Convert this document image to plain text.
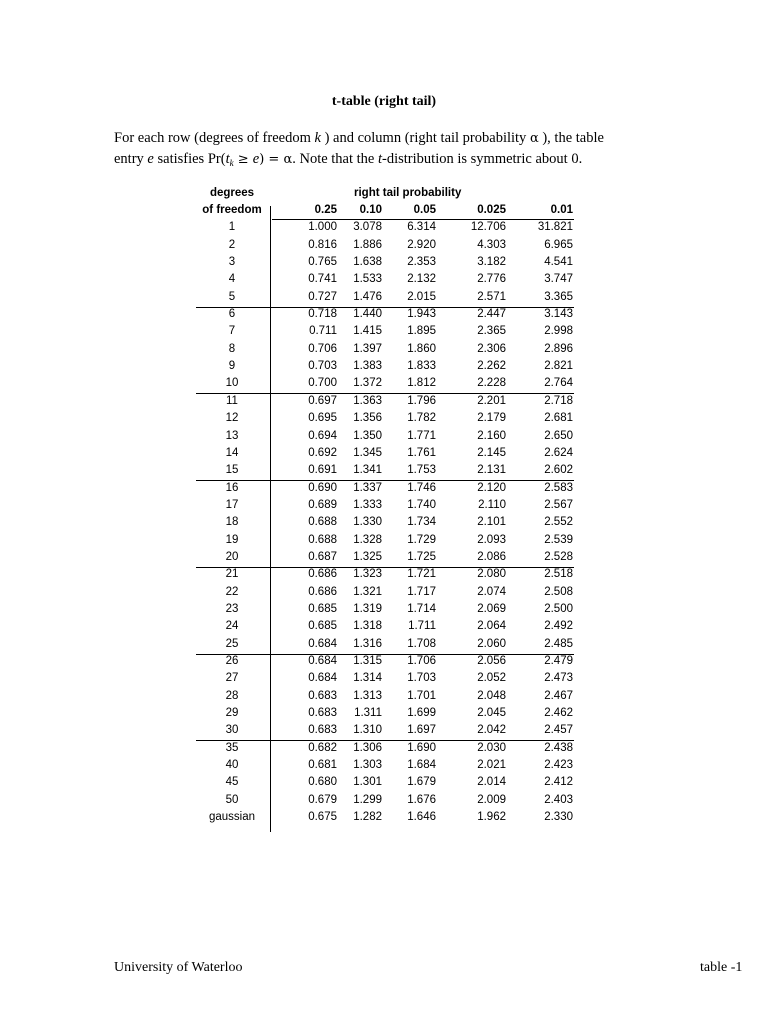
t-table (right tail)
For each row (degrees of freedom k ) and column (right tail probability α ), the table
entry e satisfies $Pr(t_k \ge e) = \alpha$. Note that the t-distribution is symmetric about 0.
degrees	right tail probability
of freedom	0.25 0.10	0.05	0.025	0.01
1	1.000 3.078 6.314	12.706	31.821
2	0.816 1.886 2.920	4.303	6.965
3	0.765 1.638 2.353	3.182	4.541
4	0.741 1.533 2.132	2.776	3.747
5	0.727 1.476 2.015	2.571	3.365
6	0.718 1.440 1.943	2.447	3.143
7	0.711 1.415 1.895	2.365	2.998
8	0.706 1.397 1.860	2.306	2.896
9	0.703 1.383 1.833	2.262	2.821
10	0.700 1.372 1.812	2.228	2.764
11	0.697 1.363 1.796	2.201	2.718
12	0.695 1.356 1.782	2.179	2.681
13	0.694 1.350 1.771	2.160	2.650
14	0.692 1.345 1.761	2.145	2.624
15	0.691 1.341 1.753	2.131	2.602
16	0.690 1.337 1.746	2.120	2.583
17	0.689 1.333 1.740	2.110	2.567
18	0.688 1.330 1.734	2.101	2.552
19	0.688 1.328 1.729	2.093	2.539
20	0.687 1.325 1.725	2.086	2.528
21	0.686 1.323 1.721	2.080	2.518
22	0.686 1.321 1.717	2.074	2.508
23	0.685 1.319 1.714	2.069	2.500
24	0.685 1.318 1.711	2.064	2.492
25	0.684 1.316 1.708	2.060	2.485
26	0.684 1.315 1.706	2.056	2.479
27	0.684 1.314 1.703	2.052	2.473
28	0.683 1.313 1.701	2.048	2.467
29	0.683 1.311 1.699	2.045	2.462
30	0.683 1.310 1.697	2.042	2.457
35	0.682 1.306 1.690	2.030	2.438
40	0.681 1.303 1.684	2.021	2.423
45	0.680 1.301 1.679	2.014	2.412
50	0.679 1.299 1.676	2.009	2.403
gaussian	0.675 1.282 1.646	1.962	2.330
University of Waterloo	table -1
